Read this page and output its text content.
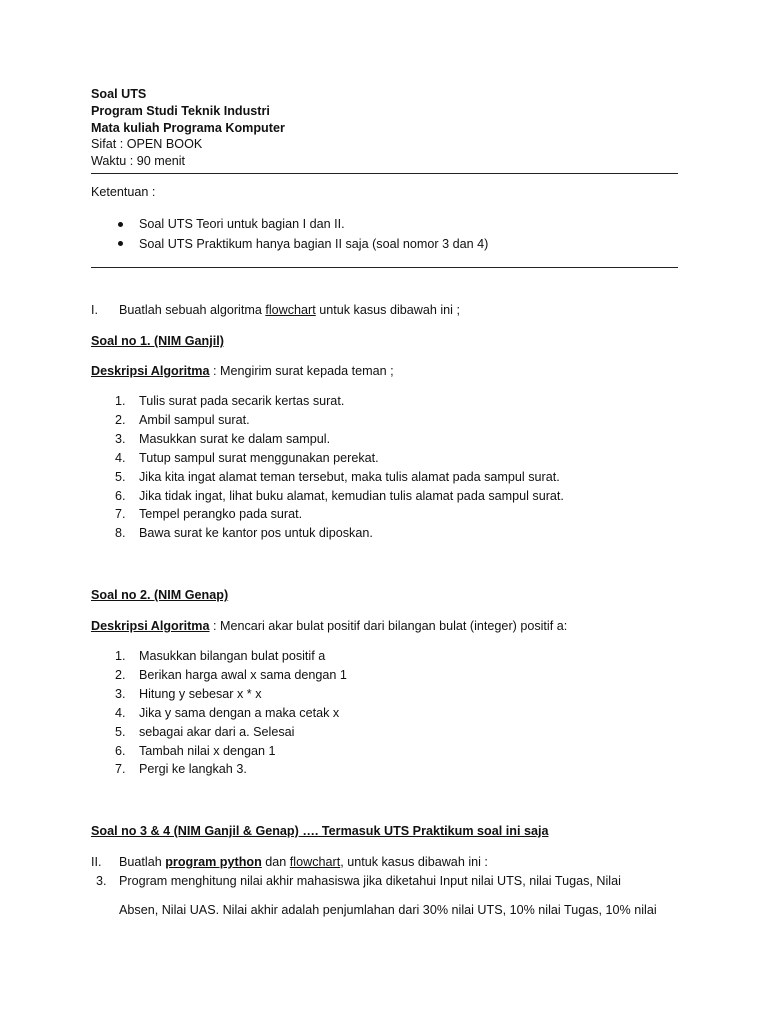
Soal UTS
Program Studi Teknik Industri
Mata kuliah Programa Komputer
Sifat : OPEN BOOK
Waktu : 90 menit
Ketentuan :
Soal UTS Teori untuk bagian I dan II.
Soal UTS Praktikum hanya bagian II saja (soal nomor 3 dan 4)
I. Buatlah sebuah algoritma flowchart untuk kasus dibawah ini ;
Soal no 1. (NIM Ganjil)
Deskripsi Algoritma : Mengirim surat kepada teman ;
1. Tulis surat pada secarik kertas surat.
2. Ambil sampul surat.
3. Masukkan surat ke dalam sampul.
4. Tutup sampul surat menggunakan perekat.
5. Jika kita ingat alamat teman tersebut, maka tulis alamat pada sampul surat.
6. Jika tidak ingat, lihat buku alamat, kemudian tulis alamat pada sampul surat.
7. Tempel perangko pada surat.
8. Bawa surat ke kantor pos untuk diposkan.
Soal no 2. (NIM Genap)
Deskripsi Algoritma : Mencari akar bulat positif dari bilangan bulat (integer) positif a:
1. Masukkan bilangan bulat positif a
2. Berikan harga awal x sama dengan 1
3. Hitung y sebesar x * x
4. Jika y sama dengan a maka cetak x
5. sebagai akar dari a. Selesai
6. Tambah nilai x dengan 1
7. Pergi ke langkah 3.
Soal no 3 & 4 (NIM Ganjil & Genap) …. Termasuk UTS Praktikum soal ini saja
II. Buatlah program python dan flowchart, untuk kasus dibawah ini :
3. Program menghitung nilai akhir mahasiswa jika diketahui Input nilai UTS, nilai Tugas, Nilai
Absen, Nilai UAS. Nilai akhir adalah penjumlahan dari 30% nilai UTS, 10% nilai Tugas, 10% nilai
